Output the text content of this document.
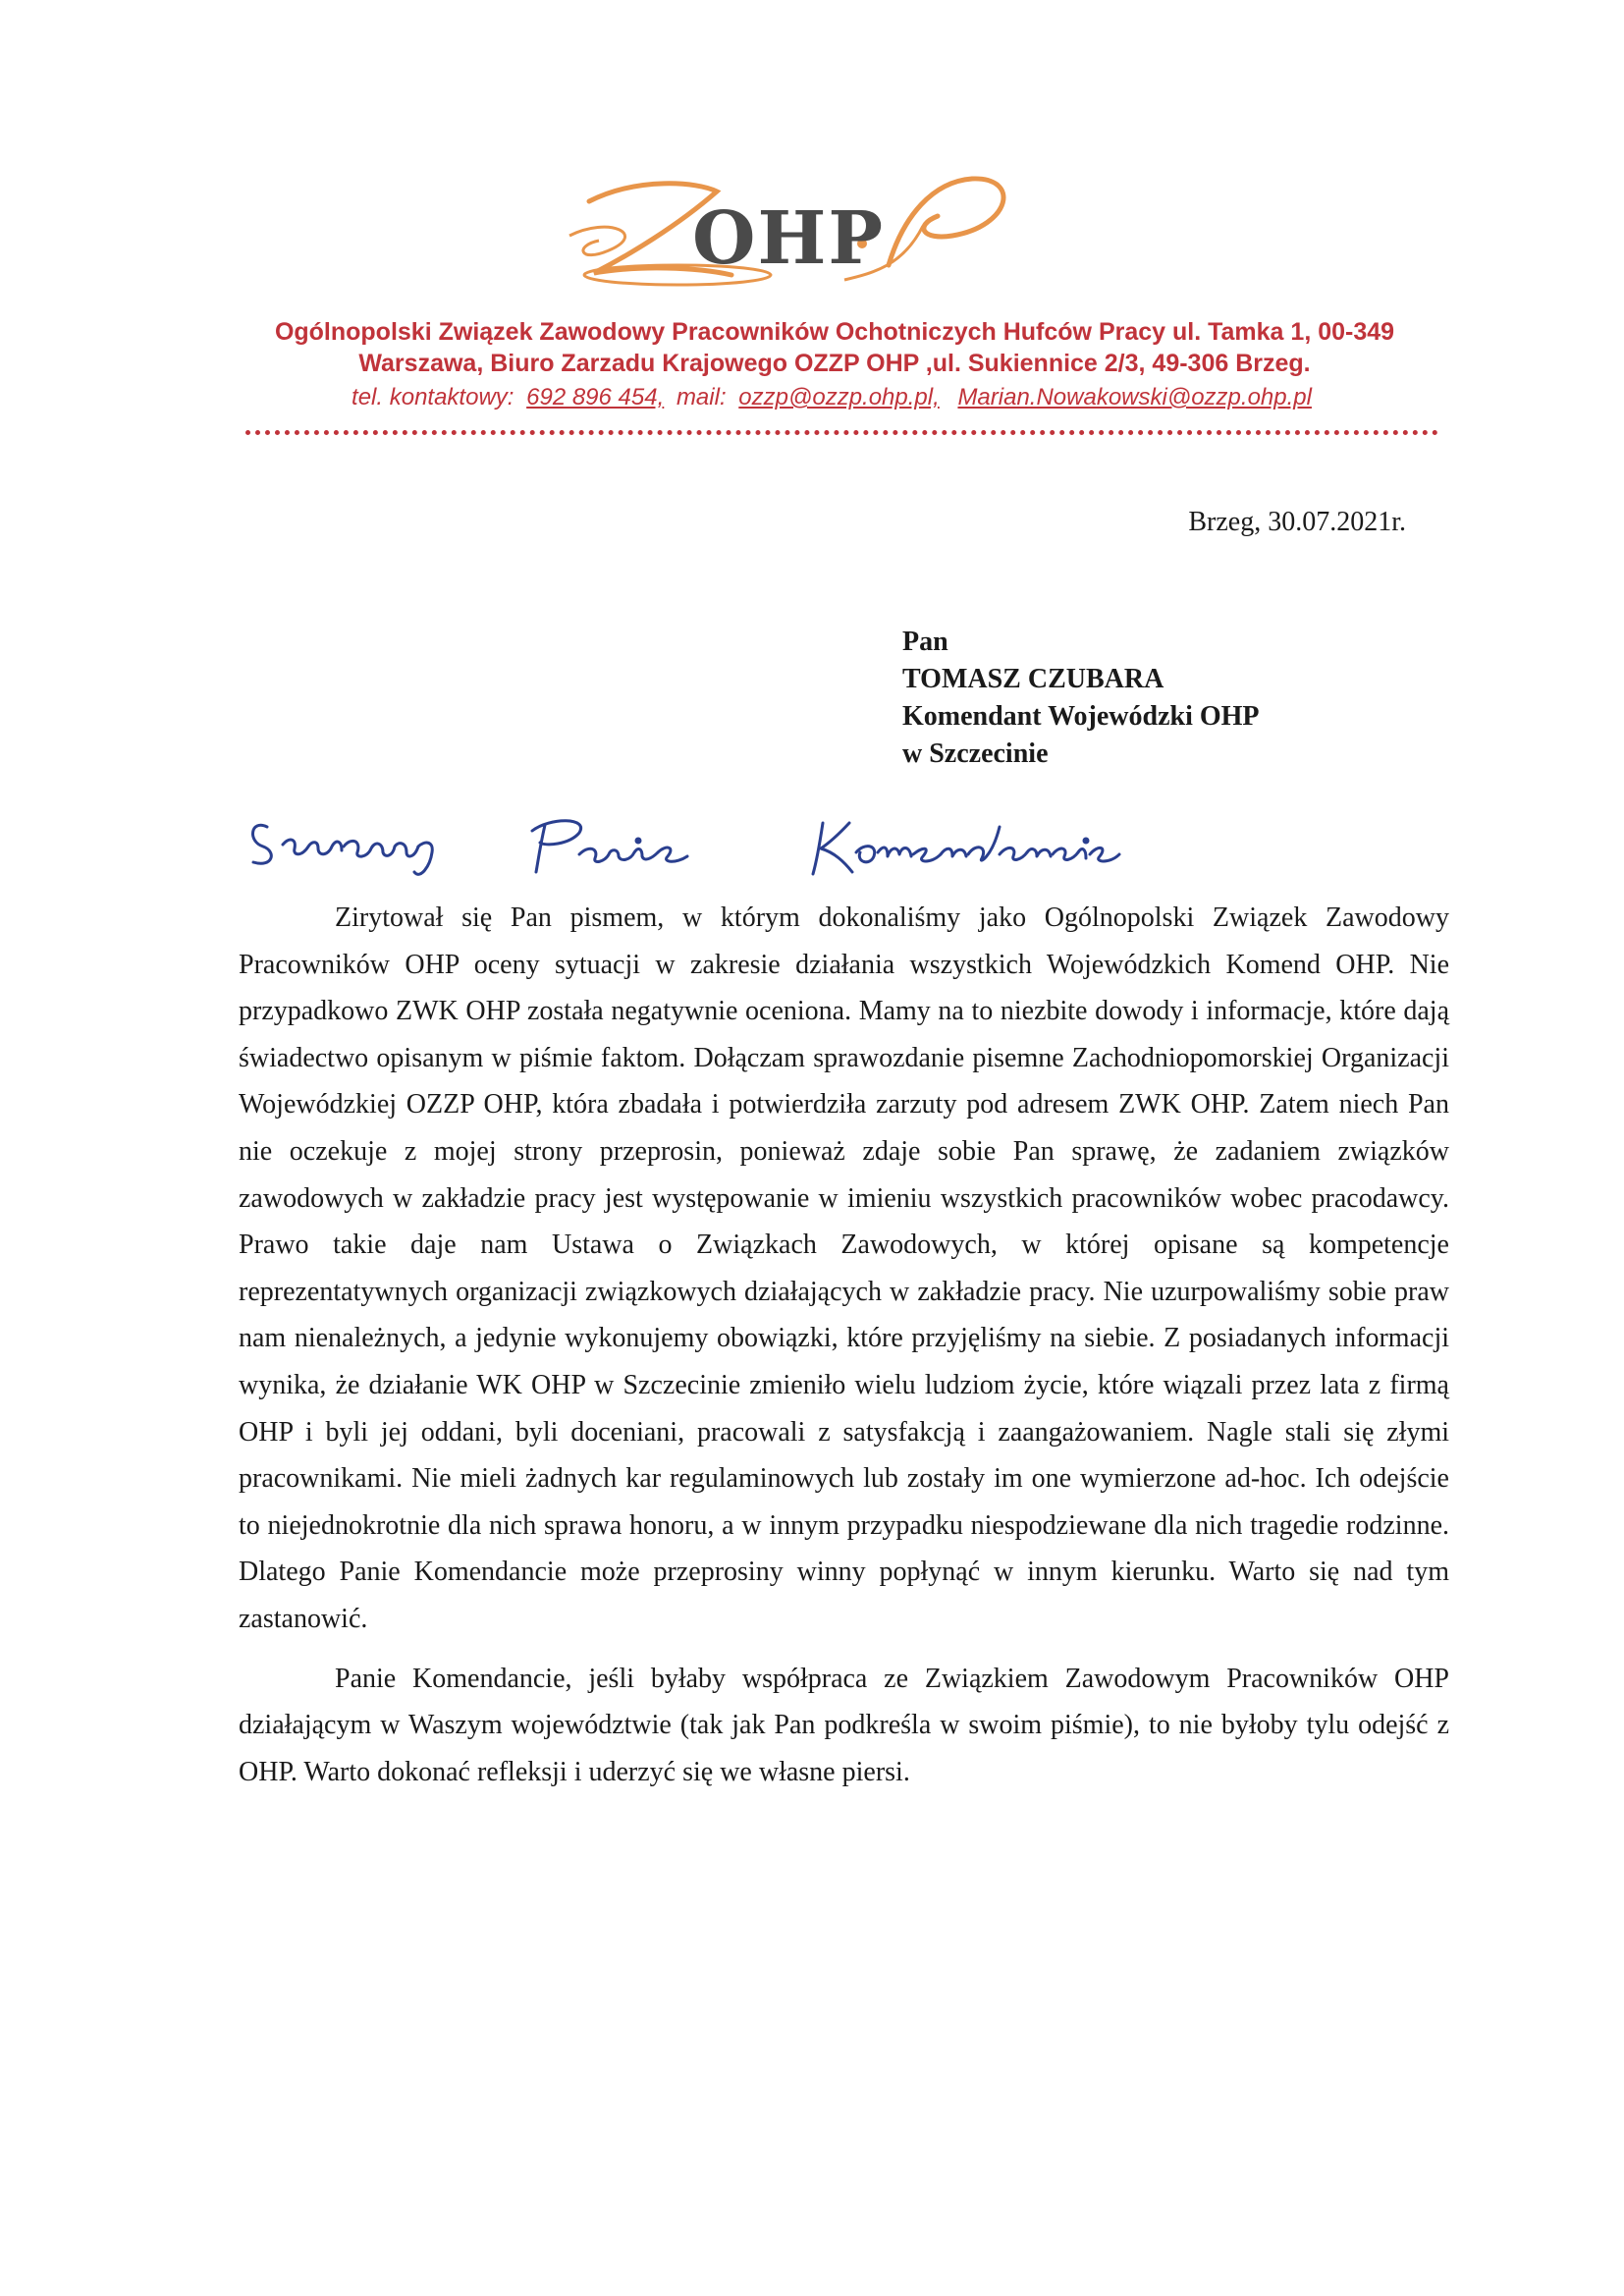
OHP
Ogólnopolski Związek Zawodowy Pracowników Ochotniczych Hufców Pracy ul. Tamka 1, 00-349
Warszawa, Biuro Zarzadu Krajowego OZZP OHP ,ul. Sukiennice 2/3, 49-306 Brzeg.
tel. kontaktowy: 692 896 454, mail: ozzp@ozzp.ohp.pl, Marian.Nowakowski@ozzp.ohp.pl
Brzeg, 30.07.2021r.
Pan
TOMASZ CZUBARA
Komendant Wojewódzki OHP
w Szczecinie

Zirytował się Pan pismem, w którym dokonaliśmy jako Ogólnopolski Związek Zawodowy Pracowników OHP oceny sytuacji w zakresie działania wszystkich Wojewódzkich Komend OHP. Nie przypadkowo ZWK OHP została negatywnie oceniona. Mamy na to niezbite dowody i informacje, które dają świadectwo opisanym w piśmie faktom. Dołączam sprawozdanie pisemne Zachodniopomorskiej Organizacji Wojewódzkiej OZZP OHP, która zbadała i potwierdziła zarzuty pod adresem ZWK OHP. Zatem niech Pan nie oczekuje z mojej strony przeprosin, ponieważ zdaje sobie Pan sprawę, że zadaniem związków zawodowych w zakładzie pracy jest występowanie w imieniu wszystkich pracowników wobec pracodawcy. Prawo takie daje nam Ustawa o Związkach Zawodowych, w której opisane są kompetencje reprezentatywnych organizacji związkowych działających w zakładzie pracy. Nie uzurpowaliśmy sobie praw nam nienależnych, a jedynie wykonujemy obowiązki, które przyjęliśmy na siebie. Z posiadanych informacji wynika, że działanie WK OHP w Szczecinie zmieniło wielu ludziom życie, które wiązali przez lata z firmą OHP i byli jej oddani, byli doceniani, pracowali z satysfakcją i zaangażowaniem. Nagle stali się złymi pracownikami. Nie mieli żadnych kar regulaminowych lub zostały im one wymierzone ad-hoc. Ich odejście to niejednokrotnie dla nich sprawa honoru, a w innym przypadku niespodziewane dla nich tragedie rodzinne. Dlatego Panie Komendancie może przeprosiny winny popłynąć w innym kierunku. Warto się nad tym zastanowić.

Panie Komendancie, jeśli byłaby współpraca ze Związkiem Zawodowym Pracowników OHP działającym w Waszym województwie (tak jak Pan podkreśla w swoim piśmie), to nie byłoby tylu odejść z OHP. Warto dokonać refleksji i uderzyć się we własne piersi.
